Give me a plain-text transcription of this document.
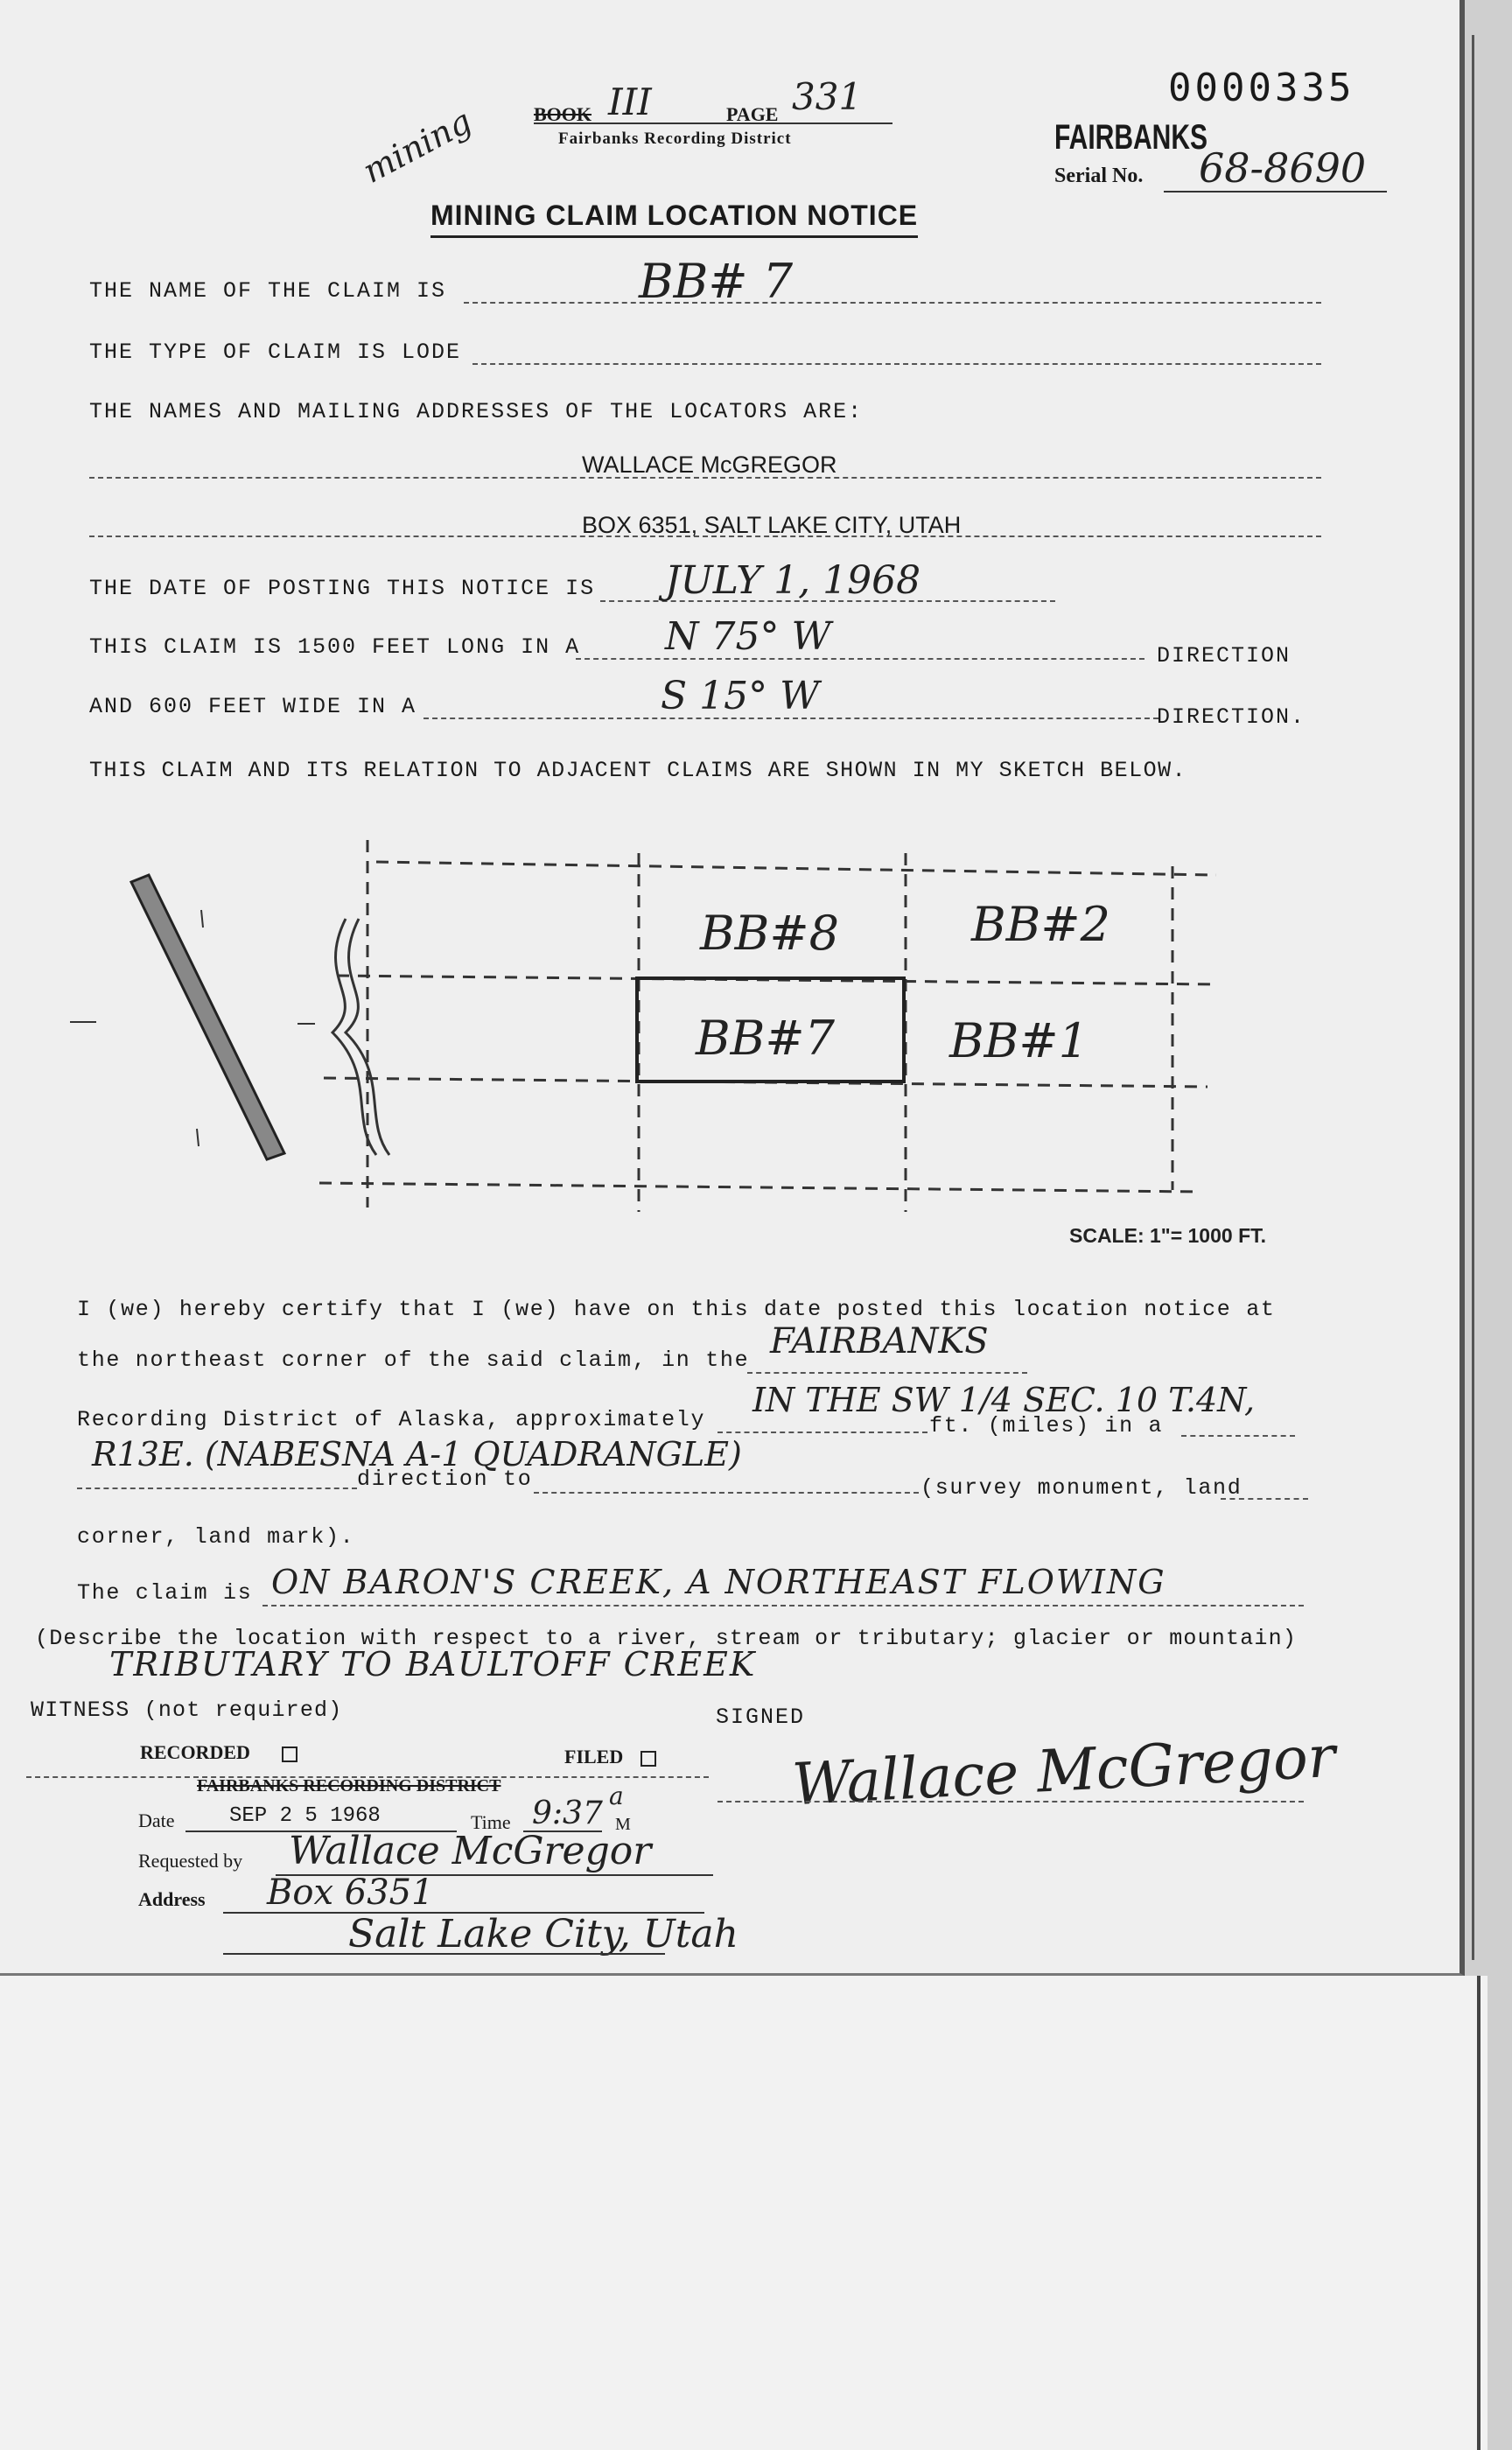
mining	BOOK III	PAGE 331
Fairbanks Recording District
0000335
FAIRBANKS
Serial No. 68-8690
MINING CLAIM LOCATION NOTICE
THE NAME OF THE CLAIM IS	BB# 7
THE TYPE OF CLAIM IS LODE
THE NAMES AND MAILING ADDRESSES OF THE LOCATORS ARE:
WALLACE McGREGOR
BOX 6351, SALT LAKE CITY, UTAH
THE DATE OF POSTING THIS NOTICE IS JULY 1, 1968
THIS CLAIM IS 1500 FEET LONG IN A N 75° W	DIRECTION
AND 600 FEET WIDE IN A	S 15° W	DIRECTION.
THIS CLAIM AND ITS RELATION TO ADJACENT CLAIMS ARE SHOWN IN MY SKETCH BELOW.
BB#8	BB#2
BB#7 BB#1
SCALE: 1"= 1000 FT.
I (we) hereby certify that I (we) have on this date posted this location notice at
the northeast corner of the said claim, in the FAIRBANKS
Recording District of Alaska, approximately
IN THE SW 1/4 SEC. 10 T.4N,
ft. (miles) in a
R13E. (NABESNA A-1 QUADRANGLE)
direction to	(survey monument, land
corner, land mark).
The claim is ON BARON'S CREEK, A NORTHEAST FLOWING
(Describe the location with respect to a river, stream or tributary; glacier or mountain)
TRIBUTARY TO BAULTOFF CREEK
WITNESS (not required)	SIGNED
Wallace McGregor
RECORDED	FILED
FAIRBANKS RECORDING DISTRICT
Date	SEP 2 5 1968	Time 9:37 a
M
Requested by Wallace McGregor
Address Box 6351
Salt Lake City, Utah
